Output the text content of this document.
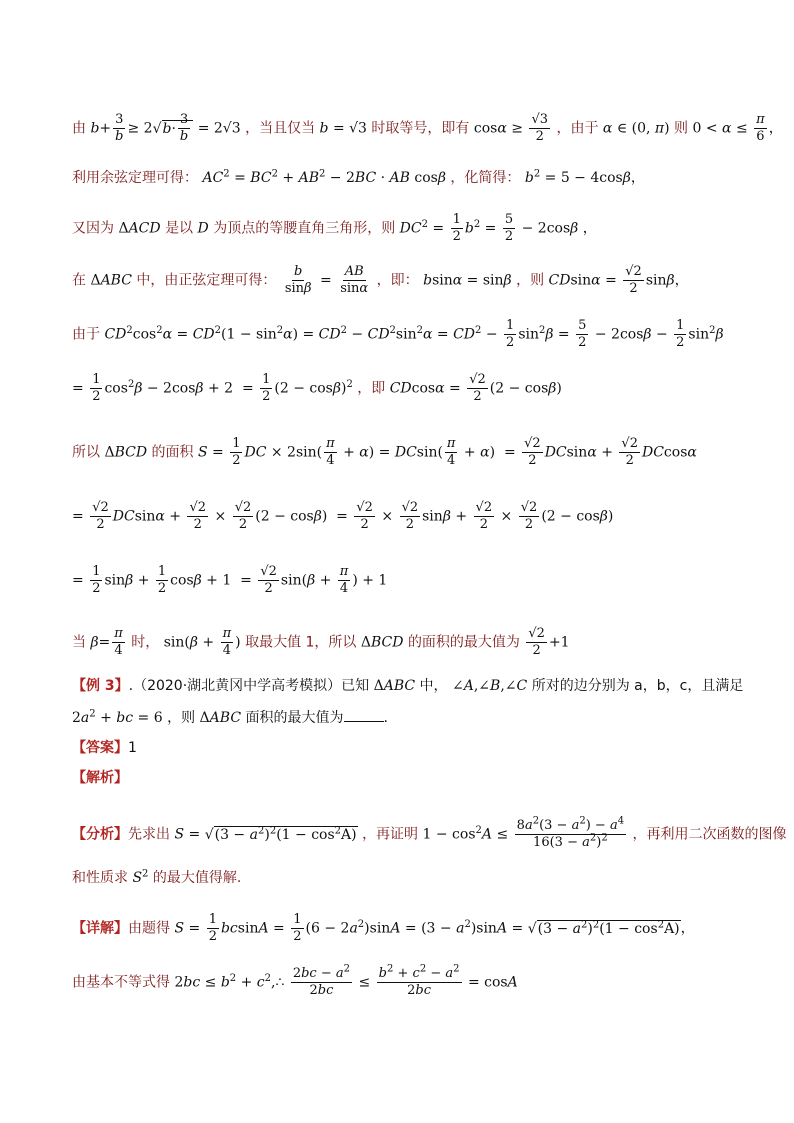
由 $b+ \frac{3}{b} \ge 2√$ $b\cdot \frac{3}{b} = 2√3$ ，当且仅当 b = √3 时取等号，即有 $\cos\alpha \ge \frac{√3}{2}$ ，由于 α ∈ (0, π) 则 $0 < \alpha \le \frac{\pi}{6}$ ，
利用余弦定理可得： $AC^2 = BC^2 + AB^2 - 2BC$ · AB cosβ ，化简得： $b^2 = 5 - 4\cos\beta$，
又因为 ΔACD 是以 D 为顶点的等腰直角三角形，则 $DC^2 = \frac{1}{2} b^2 = \frac{5}{2} - 2\cos\beta$ ，
在 ΔABC 中，由正弦定理可得： $\frac{b}{\sin\beta} = \frac{AB}{\sin\alpha}$ ，即： bsinα = sinβ ，则 $CDsin\alpha = \frac{√2}{2}$ sinβ，
由于 $CD^2\cos^2\alpha = CD^2(1 - \sin^2\alpha) = CD^2 - CD^2\sin^2\alpha = CD^2 - \frac{1}{2} \sin^2\beta = \frac{5}{2} - 2\cos\beta - \frac{1}{2} \sin^2\beta$
= $\frac{1}{2} \cos^2\beta - 2\cos\beta + 2 = \frac{1}{2} (2 - \cos\beta)^2$ ，即 $CDcos\alpha = \frac{√2}{2} (2 - \cos\beta)$
所以 ΔBCD 的面积 $S = \frac{1}{2}$ DC × $2\sin( \frac{\pi}{4} + \alpha) = DCsin( \frac{\pi}{4} + \alpha) = \frac{√2}{2}$ $DCsin\alpha + \frac{√2}{2}$ DCcosα
= $\frac{√2}{2}$ $DCsin\alpha + \frac{√2}{2} \times \frac{√2}{2} (2 - \cos\beta) = \frac{√2}{2} \times \frac{√2}{2}$ $\sin\beta + \frac{√2}{2} \times \frac{√2}{2} (2 - \cos\beta)$
= $\frac{1}{2}$ $\sin\beta + \frac{1}{2}$ $\cos\beta + 1 = \frac{√2}{2} \sin(\beta + \frac{\pi}{4}$ ) + 1
当 $\beta= \frac{\pi}{4}$ 时， $\sin(\beta + \frac{\pi}{4}$ ) 取最大值 1，所以 ΔBCD 的面积的最大值为 $\frac{√2}{2} +1$
【例 3】.（2020·湖北黄冈中学高考模拟）已知 ΔABC 中， ∠A,∠B,∠C 所对的边分别为 a，b，c，且满足
$2a^2$ + bc = 6 ，则 ΔABC 面积的最大值为	.
【答案】1
【解析】
【分析】先求出 S = √ $(3 - a^2)^2(1 - \cos^2A)$ ，再证明 $1 - \cos^2A \le \frac{8a^2(3 - a^2) - a^4}{16(3 - a^2)^2}$ ，再利用二次函数的图像
和性质求 $S^2$ 的最大值得解.
【详解】由题得 $S = \frac{1}{2}$ $bcsinA = \frac{1}{2} (6 - 2a^2)\sin A = (3 - a^2)\sin A$ = √ $(3 - a^2)^2(1 - \cos^2A)$，
由基本不等式得 $2bc \le b^2$ + $c^2,\therefore \frac{2bc - a^2}{2bc} \le \frac{b^2 + c^2 - a^2}{2bc} = \cos A$
